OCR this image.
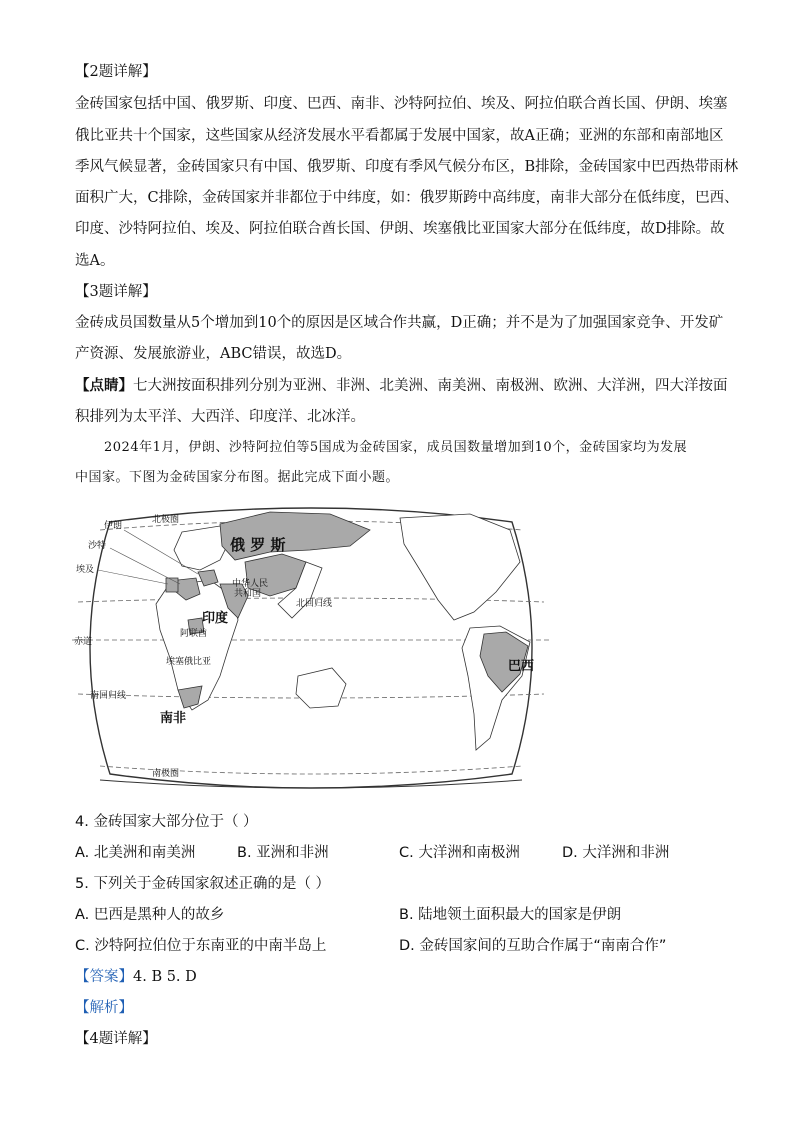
【2题详解】
金砖国家包括中国、俄罗斯、印度、巴西、南非、沙特阿拉伯、埃及、阿拉伯联合酋长国、伊朗、埃塞
俄比亚共十个国家，这些国家从经济发展水平看都属于发展中国家，故A正确；亚洲的东部和南部地区
季风气候显著，金砖国家只有中国、俄罗斯、印度有季风气候分布区，B排除，金砖国家中巴西热带雨林
面积广大，C排除，金砖国家并非都位于中纬度，如：俄罗斯跨中高纬度，南非大部分在低纬度，巴西、
印度、沙特阿拉伯、埃及、阿拉伯联合酋长国、伊朗、埃塞俄比亚国家大部分在低纬度，故D排除。故
选A。
【3题详解】
金砖成员国数量从5个增加到10个的原因是区域合作共赢，D正确；并不是为了加强国家竞争、开发矿
产资源、发展旅游业，ABC错误，故选D。
【点睛】七大洲按面积排列分别为亚洲、非洲、北美洲、南美洲、南极洲、欧洲、大洋洲，四大洋按面
积排列为太平洋、大西洋、印度洋、北冰洋。
2024年1月，伊朗、沙特阿拉伯等5国成为金砖国家，成员国数量增加到10个，金砖国家均为发展
中国家。下图为金砖国家分布图。据此完成下面小题。
北极圈
俄 罗 斯
伊朗
沙特
埃及
中华人民
共和国
印度
北回归线
阿联酋
赤道
埃塞俄比亚	巴西
南回归线
南非
南极圈
4. 金砖国家大部分位于（ ）
A. 北美洲和南美洲	B. 亚洲和非洲	C. 大洋洲和南极洲	D. 大洋洲和非洲
5. 下列关于金砖国家叙述正确的是（ ）
A. 巴西是黑种人的故乡	B. 陆地领土面积最大的国家是伊朗
C. 沙特阿拉伯位于东南亚的中南半岛上	D. 金砖国家间的互助合作属于“南南合作”
【答案】4. B 5. D
【解析】
【4题详解】
